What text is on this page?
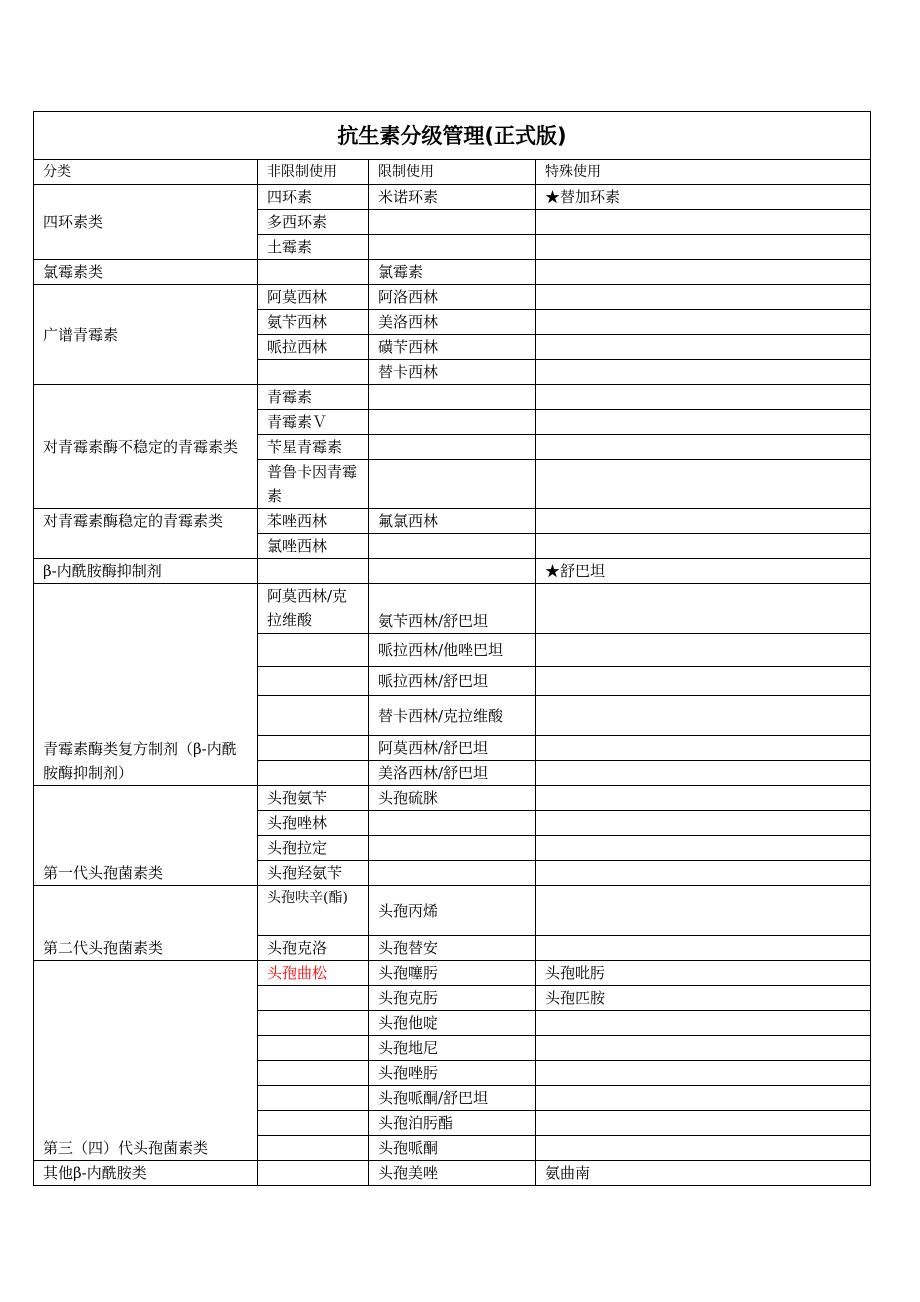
抗生素分级管理(正式版)			
分类	非限制使用	限制使用	特殊使用
四环素类	四环素	米诺环素	★替加环素
	多西环素		
	土霉素		
氯霉素类		氯霉素	
广谱青霉素	阿莫西林	阿洛西林	
	氨苄西林	美洛西林	
	哌拉西林	磺苄西林	
		替卡西林	
对青霉素酶不稳定的青霉素类	青霉素		
	青霉素Ｖ		
	苄星青霉素		
	普鲁卡因青霉素		
对青霉素酶稳定的青霉素类	苯唑西林	氟氯西林	
	氯唑西林		
β-内酰胺酶抑制剂			★舒巴坦
青霉素酶类复方制剂（β-内酰胺酶抑制剂）	阿莫西林/克拉维酸	氨苄西林/舒巴坦	
		哌拉西林/他唑巴坦	
		哌拉西林/舒巴坦	
		替卡西林/克拉维酸	
		阿莫西林/舒巴坦	
		美洛西林/舒巴坦	
第一代头孢菌素类	头孢氨苄	头孢硫脒	
	头孢唑林		
	头孢拉定		
	头孢羟氨苄		
第二代头孢菌素类	头孢呋辛(酯)	头孢丙烯	
	头孢克洛	头孢替安	
第三（四）代头孢菌素类	头孢曲松	头孢噻肟	头孢吡肟
		头孢克肟	头孢匹胺
		头孢他啶	
		头孢地尼	
		头孢唑肟	
		头孢哌酮/舒巴坦	
		头孢泊肟酯	
		头孢哌酮	
其他β-内酰胺类		头孢美唑	氨曲南
